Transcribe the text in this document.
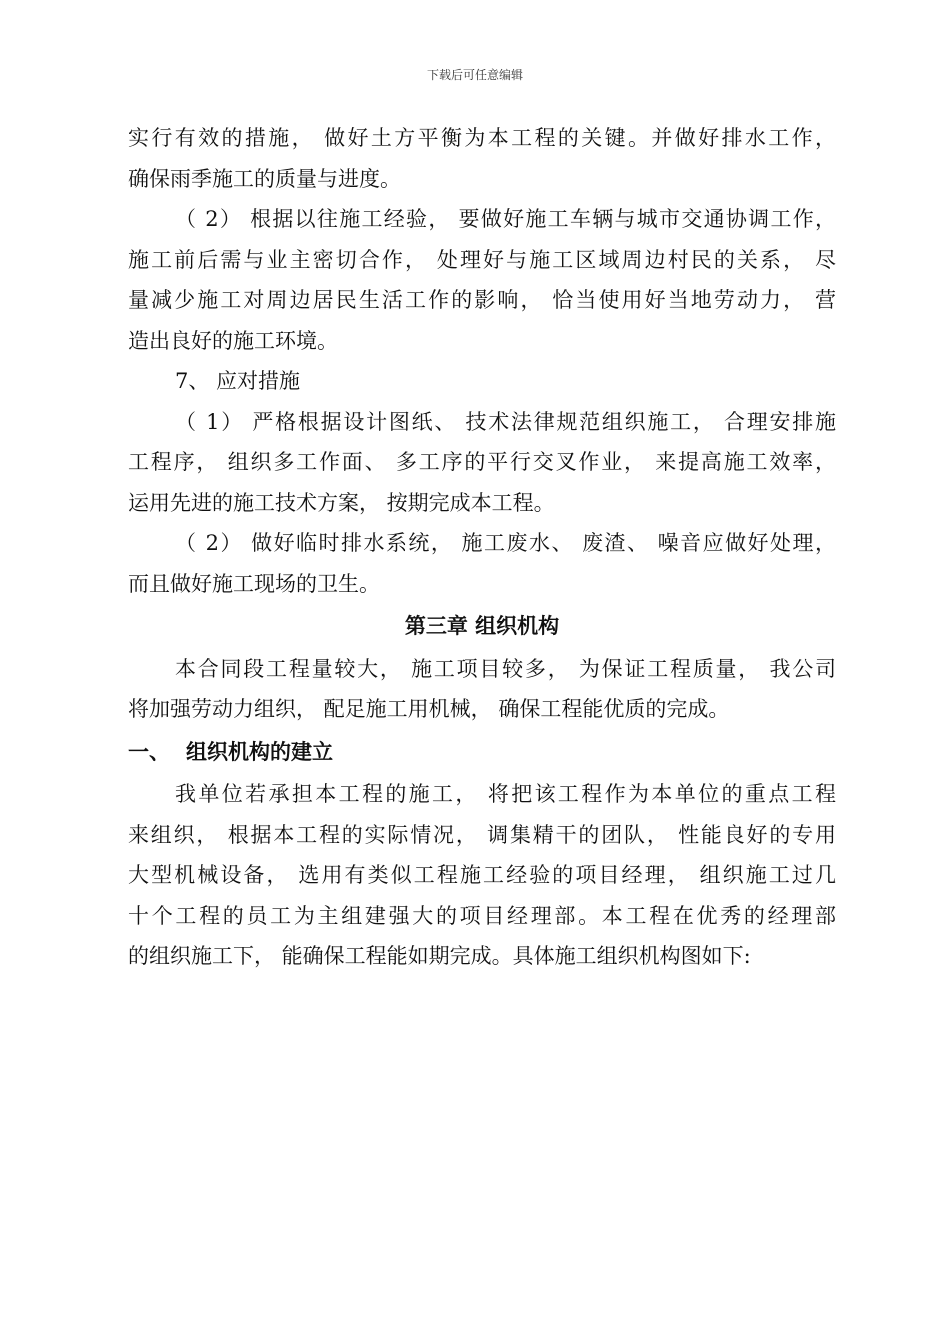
下载后可任意编辑
实行有效的措施， 做好土方平衡为本工程的关键。并做好排水工作，
确保雨季施工的质量与进度。
（ 2） 根据以往施工经验， 要做好施工车辆与城市交通协调工作，
施工前后需与业主密切合作， 处理好与施工区域周边村民的关系， 尽
量减少施工对周边居民生活工作的影响， 恰当使用好当地劳动力， 营
造出良好的施工环境。
7、 应对措施
（ 1） 严格根据设计图纸、 技术法律规范组织施工， 合理安排施
工程序， 组织多工作面、 多工序的平行交叉作业， 来提高施工效率，
运用先进的施工技术方案， 按期完成本工程。
（ 2） 做好临时排水系统， 施工废水、 废渣、 噪音应做好处理，
而且做好施工现场的卫生。
第三章 组织机构
本合同段工程量较大， 施工项目较多， 为保证工程质量， 我公司
将加强劳动力组织， 配足施工用机械， 确保工程能优质的完成。
一、 组织机构的建立
我单位若承担本工程的施工， 将把该工程作为本单位的重点工程
来组织， 根据本工程的实际情况， 调集精干的团队， 性能良好的专用
大型机械设备， 选用有类似工程施工经验的项目经理， 组织施工过几
十个工程的员工为主组建强大的项目经理部。本工程在优秀的经理部
的组织施工下， 能确保工程能如期完成。具体施工组织机构图如下:
